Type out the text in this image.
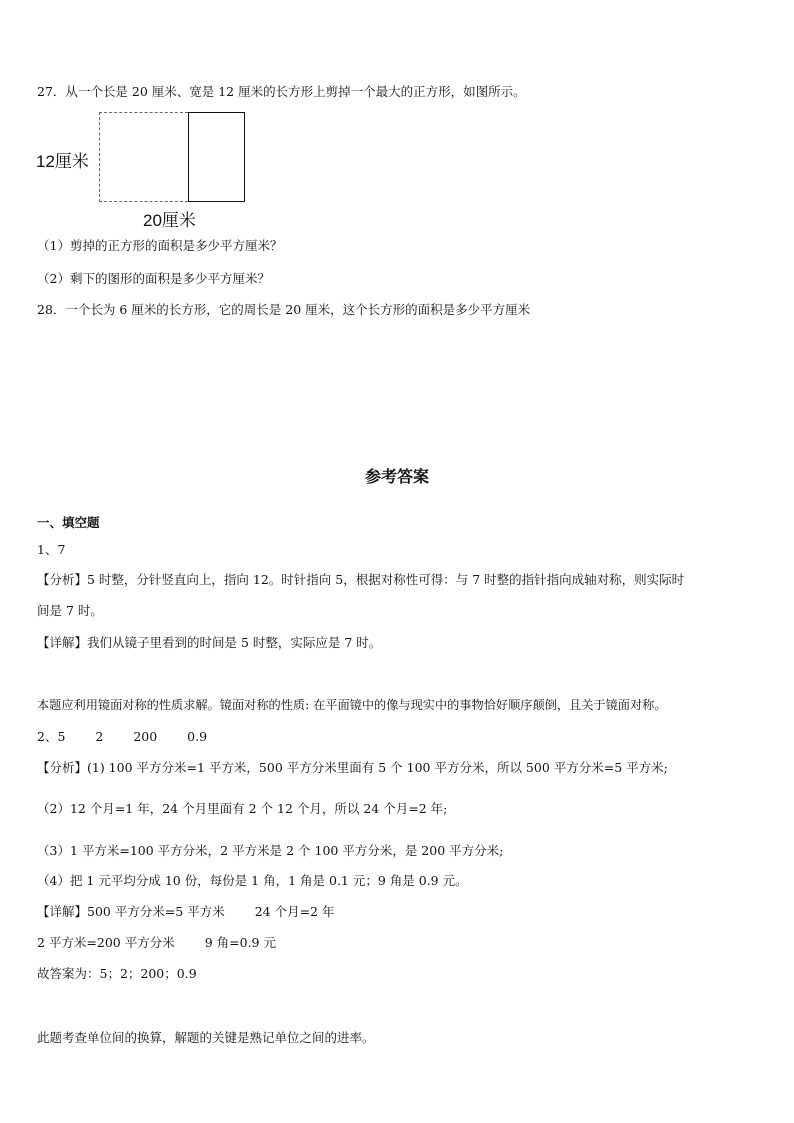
27．从一个长是 20 厘米、宽是 12 厘米的长方形上剪掉一个最大的正方形，如图所示。
12厘米
20厘米
（1）剪掉的正方形的面积是多少平方厘米？
（2）剩下的图形的面积是多少平方厘米？
28．一个长为 6 厘米的长方形，它的周长是 20 厘米，这个长方形的面积是多少平方厘米
参考答案
一、填空题
1、7
【分析】5 时整，分针竖直向上，指向 12。时针指向 5，根据对称性可得：与 7 时整的指针指向成轴对称，则实际时
间是 7 时。
【详解】我们从镜子里看到的时间是 5 时整，实际应是 7 时。
本题应利用镜面对称的性质求解。镜面对称的性质: 在平面镜中的像与现实中的事物恰好顺序颠倒，且关于镜面对称。
2、5 2 200 0.9
【分析】(1) 100 平方分米=1 平方米，500 平方分米里面有 5 个 100 平方分米，所以 500 平方分米=5 平方米;
（2）12 个月=1 年，24 个月里面有 2 个 12 个月，所以 24 个月=2 年;
（3）1 平方米=100 平方分米，2 平方米是 2 个 100 平方分米，是 200 平方分米;
（4）把 1 元平均分成 10 份，每份是 1 角，1 角是 0.1 元；9 角是 0.9 元。
【详解】500 平方分米=5 平方米 24 个月=2 年
2 平方米=200 平方分米 9 角=0.9 元
故答案为：5；2；200；0.9
此题考查单位间的换算，解题的关键是熟记单位之间的进率。
